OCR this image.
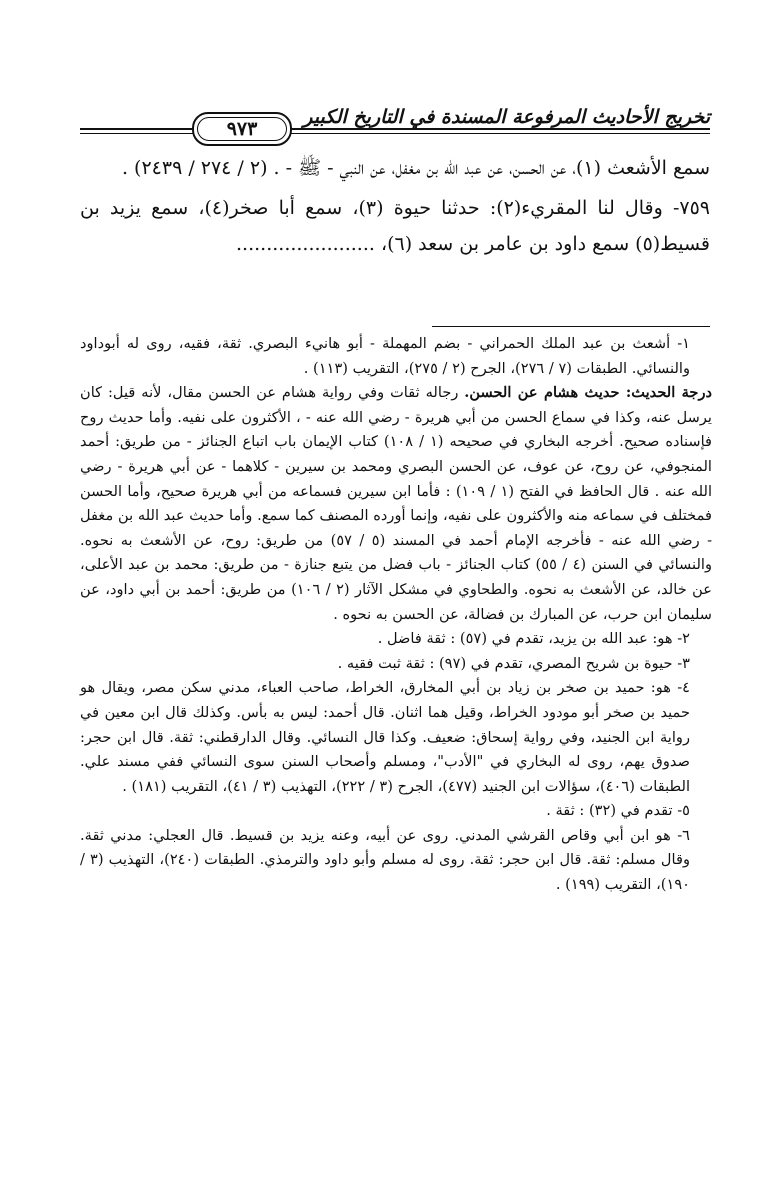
تخريج الأحاديث المرفوعة المسندة في التاريخ الكبير
٩٧٣

سمع الأشعث (١)، عن الحسن، عن عبد الله بن مغفل، عن النبي - ﷺ - . (٢ / ٢٧٤ / ٢٤٣٩) .

٧٥٩- وقال لنا المقريء(٢): حدثنا حيوة (٣)، سمع أبا صخر(٤)، سمع يزيد بن قسيط(٥) سمع داود بن عامر بن سعد (٦)، .......................

١- أشعث بن عبد الملك الحمراني - بضم المهملة - أبو هانيء البصري. ثقة، فقيه، روى له أبوداود والنسائي. الطبقات (٧ / ٢٧٦)، الجرح (٢ / ٢٧٥)، التقريب (١١٣) .

درجة الحديث: حديث هشام عن الحسن. رجاله ثقات وفي رواية هشام عن الحسن مقال، لأنه قيل: كان يرسل عنه، وكذا في سماع الحسن من أبي هريرة - رضي الله عنه - ، الأكثرون على نفيه. وأما حديث روح فإسناده صحيح. أخرجه البخاري في صحيحه (١ / ١٠٨) كتاب الإيمان باب اتباع الجنائز - من طريق: أحمد المنجوفي، عن روح، عن عوف، عن الحسن البصري ومحمد بن سيرين - كلاهما - عن أبي هريرة - رضي الله عنه . قال الحافظ في الفتح (١ / ١٠٩) : فأما ابن سيرين فسماعه من أبي هريرة صحيح، وأما الحسن فمختلف في سماعه منه والأكثرون على نفيه، وإنما أورده المصنف كما سمع. وأما حديث عبد الله بن مغفل - رضي الله عنه - فأخرجه الإمام أحمد في المسند (٥ / ٥٧) من طريق: روح، عن الأشعث به نحوه. والنسائي في السنن (٤ / ٥٥) كتاب الجنائز - باب فضل من يتبع جنازة - من طريق: محمد بن عبد الأعلى، عن خالد، عن الأشعث به نحوه. والطحاوي في مشكل الآثار (٢ / ١٠٦) من طريق: أحمد بن أبي داود، عن سليمان ابن حرب، عن المبارك بن فضالة، عن الحسن به نحوه .

٢- هو: عبد الله بن يزيد، تقدم في (٥٧) : ثقة فاضل .

٣- حيوة بن شريح المصري، تقدم في (٩٧) : ثقة ثبت فقيه .

٤- هو: حميد بن صخر بن زياد بن أبي المخارق، الخراط، صاحب العباء، مدني سكن مصر، ويقال هو حميد بن صخر أبو مودود الخراط، وقيل هما اثنان. قال أحمد: ليس به بأس. وكذلك قال ابن معين في رواية ابن الجنيد، وفي رواية إسحاق: ضعيف. وكذا قال النسائي. وقال الدارقطني: ثقة. قال ابن حجر: صدوق يهم، روى له البخاري في "الأدب"، ومسلم وأصحاب السنن سوى النسائي ففي مسند علي. الطبقات (٤٠٦)، سؤالات ابن الجنيد (٤٧٧)، الجرح (٣ / ٢٢٢)، التهذيب (٣ / ٤١)، التقريب (١٨١) .

٥- تقدم في (٣٢) : ثقة .

٦- هو ابن أبي وقاص القرشي المدني. روى عن أبيه، وعنه يزيد بن قسيط. قال العجلي: مدني ثقة. وقال مسلم: ثقة. قال ابن حجر: ثقة. روى له مسلم وأبو داود والترمذي. الطبقات (٢٤٠)، التهذيب (٣ / ١٩٠)، التقريب (١٩٩) .
